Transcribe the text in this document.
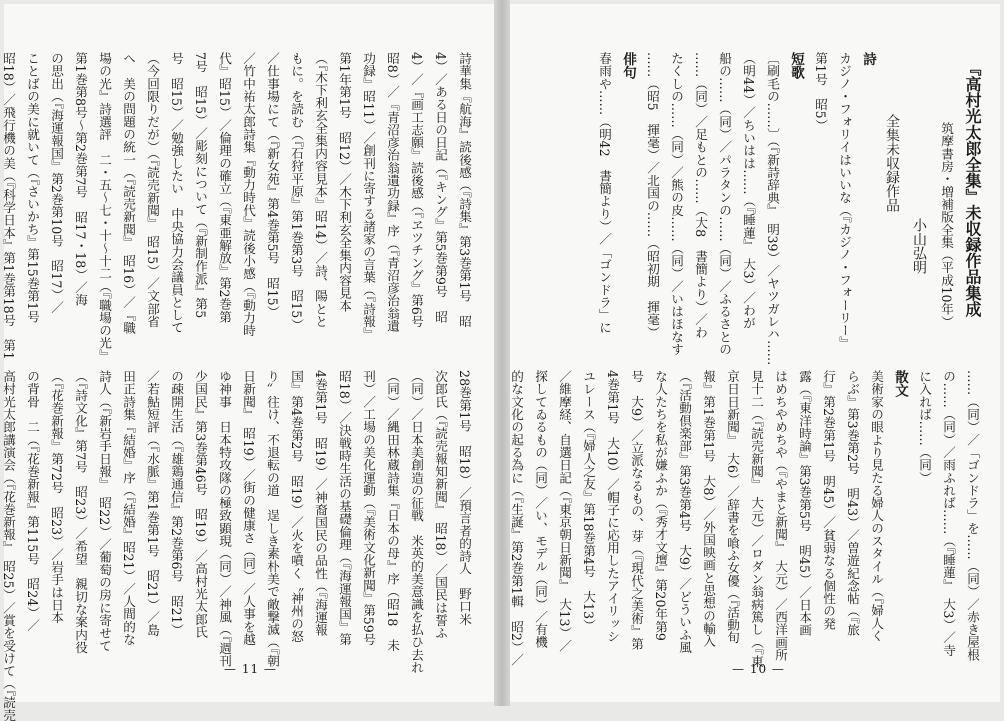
詩華集『航海』読後感（『詩集』第3巻第1号　昭
4）／ある日の日記（『キング』第5巻第9号　昭
4）／『画工志願』読後感（『ヱツチング』第6号
昭8）／『青沼彦治翁遺功録』序（『青沼彦治翁遺
功録』昭11）／創刊に寄する諸家の言葉（『詩報』
第1年第1号　昭12）／木下利玄全集内容見本
（『木下利玄全集内容見本』昭14）／詩、陽とと
もに。を読む（『石狩平原』第1巻第3号　昭15）
／仕事場にて（『新女苑』第4巻第5号　昭15）
／竹中祐太郎詩集『動力時代』読後小感（『動力時
代』昭15）／倫理の確立（『東亜解放』第2巻第
7号　昭15）／彫刻について（『新制作派』第5
号　昭15）／勉強したい　中央協力会議員として
（今回限りだが）（『読売新聞』　昭15）／文部省
へ　美の問題の統一（『読売新聞』　昭16）／『職
場の光』詩選評　二・五〜七・十〜十二（『職場の光』
第1巻第8号〜第2巻第7号　昭17・18）／海
の思出（『海運報国』第2巻第10号　昭17）／
ことばの美に就いて（『さいかち』第15巻第1号
昭18）／飛行機の美（『科学日本』第1巻第18号　第1
28巻第1号　昭18）／預言者的詩人　野口米
次郎氏（『読売報知新聞』　昭18）／国民は誓ふ
（同）／日本美創造の征戦　米英的美意識を払ひ去れ
（同）／縄田林蔵詩集『日本の母』序（昭18　未
刊）／工場の美化運動（『美術文化新聞』第59号
昭18）／決戦時生活の基礎倫理（『海運報国』第
4巻第1号　昭19）／神裔国民の品性（『海運報
国』第4巻第2号　昭19）／火を噴く〝神州の怒
り〟往け、不退転の道　逞しき素朴美で敵撃滅（『朝
日新聞』　昭19）／街の健康さ（同）／人事を越
ゆ神事　日本特攻隊の極致顕現（同）／神風（『週刊
少国民』第3巻第46号　昭19）／高村光太郎氏
の疎開生活（『雄鶏通信』第2巻第6号　昭21）
／若鮎短評（『水脈』第1巻第1号　昭21）／島
田正詩集『結婚』序（『結婚』昭21）／人間的な
詩人（『新岩手日報』　昭22）／葡萄の房に寄せて
（『詩文化』第7号　昭23）／希望　親切な案内役
（『花巻新報』第72号　昭23）／岩手は日本
の背骨　二（『花巻新報』第115号　昭24）／
高村光太郎講演会（『花巻新報』　昭25）／賞を受けて（『読売	— 11 —
『高村光太郎全集』未収録作品集成
筑摩書房・増補版全集（平成10年）
小山弘明
全集未収録作品
詩
カジノ・フォリイはいいな（『カジノ・フォーリー』
第1号　昭5）
短歌
〔刷毛の……〕（『新詩辞典』　明39）／ヤツガレハ……
（明44）／ちいはは……（『睡蓮』　大3）／わが
船の……（同）／パラタンの……（同）／ふるさとの
……（同）／足もとの……（大8　書簡より）／わ
たくしの……（同）／熊の皮……（同）／いはほなす
……（昭5　揮毫）／北国の……（昭初期　揮毫）
俳句
春雨や……（明42　書簡より）／「ゴンドラ」に
……（同）／「ゴンドラ」を……（同）／赤き屋根
の……（同）／雨ふれば……（『睡蓮』　大3）／寺
に入れば……（同）
散文
美術家の眼より見たる婦人のスタイル（『婦人く
らぶ』第3巻第2号　明43）／曽遊紀念帖（『旅
行』第2巻第1号　明45）／貧弱なる個性の発
露（『東洋時論』第3巻第5号　明45）／日本画
はめちやめちや（『やまと新聞』　大元）／西洋画所
見十二（『読売新聞』　大元）／ロダン翁病篤し（『東
京日日新聞』　大6）／辞書を喰ふ女優（『活動旬
報』第1巻第1号　大8）／外国映画と思想の輸入
（『活動倶楽部』第3巻第4号　大9）／どういふ風
な人たちを私が嫌ふか（『秀才文壇』第20年第9
号　大9）／立派なるもの、芽（『現代之美術』第
4巻第1号　大10）／帽子に応用したアイリッシ
ユレース（『婦人之友』第18巻第4号　大13）
／維摩経、自選日記（『東京朝日新聞』　大13）／
探してゐるもの（同）／い、モデル（同）／有機
的な文化の起る為に（『生誕』第2巻第1輯　昭2）／
— 10 —
